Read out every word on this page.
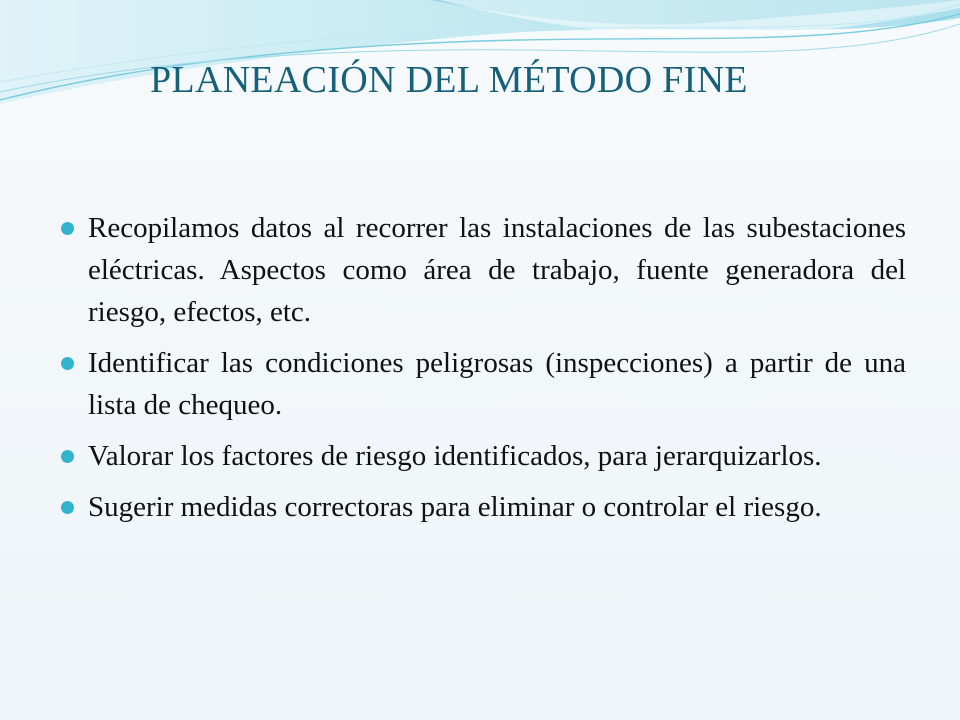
PLANEACIÓN DEL MÉTODO FINE
Recopilamos datos al recorrer las instalaciones de las subestaciones eléctricas. Aspectos como área de trabajo, fuente generadora del riesgo, efectos, etc.
Identificar las condiciones peligrosas (inspecciones) a partir de una lista de chequeo.
Valorar los factores de riesgo identificados, para jerarquizarlos.
Sugerir medidas correctoras para eliminar o controlar el riesgo.
